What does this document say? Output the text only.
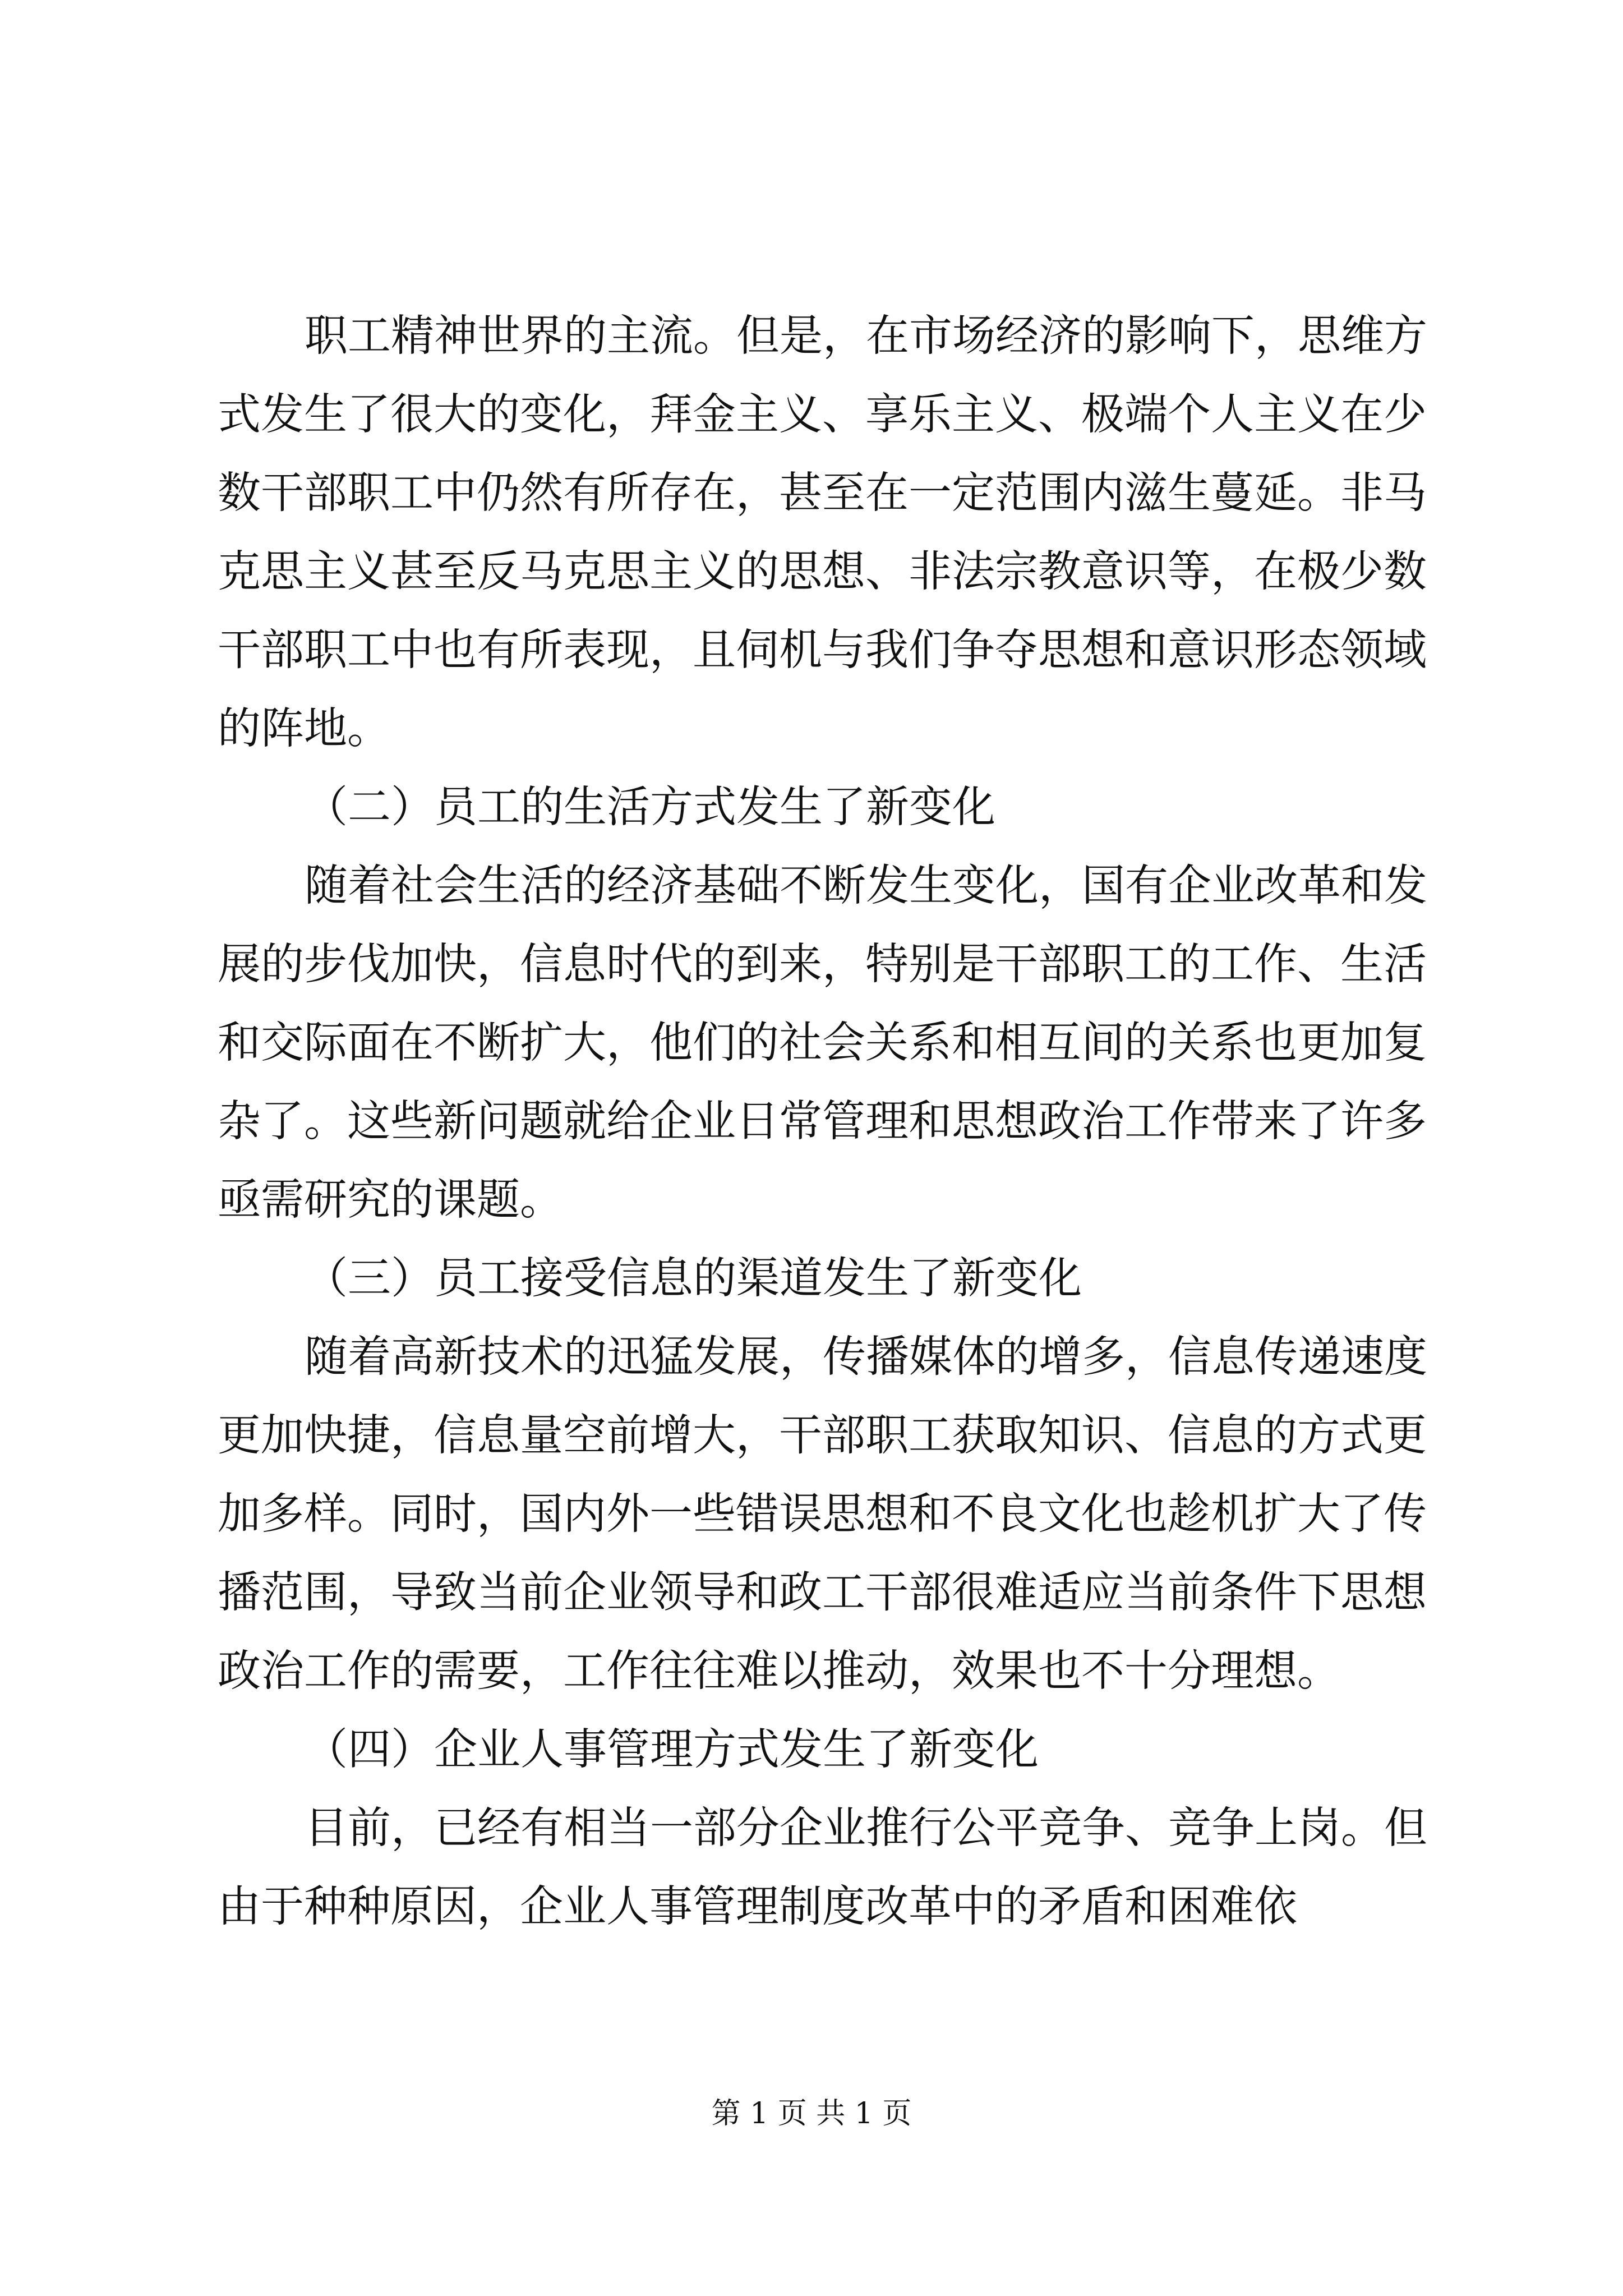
职工精神世界的主流。但是，在市场经济的影响下，思维方
式发生了很大的变化，拜金主义、享乐主义、极端个人主义在少
数干部职工中仍然有所存在，甚至在一定范围内滋生蔓延。非马
克思主义甚至反马克思主义的思想、非法宗教意识等，在极少数
干部职工中也有所表现，且伺机与我们争夺思想和意识形态领域
的阵地。
（二）员工的生活方式发生了新变化
随着社会生活的经济基础不断发生变化，国有企业改革和发
展的步伐加快，信息时代的到来，特别是干部职工的工作、生活
和交际面在不断扩大，他们的社会关系和相互间的关系也更加复
杂了。这些新问题就给企业日常管理和思想政治工作带来了许多
亟需研究的课题。
（三）员工接受信息的渠道发生了新变化
随着高新技术的迅猛发展，传播媒体的增多，信息传递速度
更加快捷，信息量空前增大，干部职工获取知识、信息的方式更
加多样。同时，国内外一些错误思想和不良文化也趁机扩大了传
播范围，导致当前企业领导和政工干部很难适应当前条件下思想
政治工作的需要，工作往往难以推动，效果也不十分理想。
（四）企业人事管理方式发生了新变化
目前，已经有相当一部分企业推行公平竞争、竞争上岗。但
由于种种原因，企业人事管理制度改革中的矛盾和困难依
第 1 页 共 1 页
